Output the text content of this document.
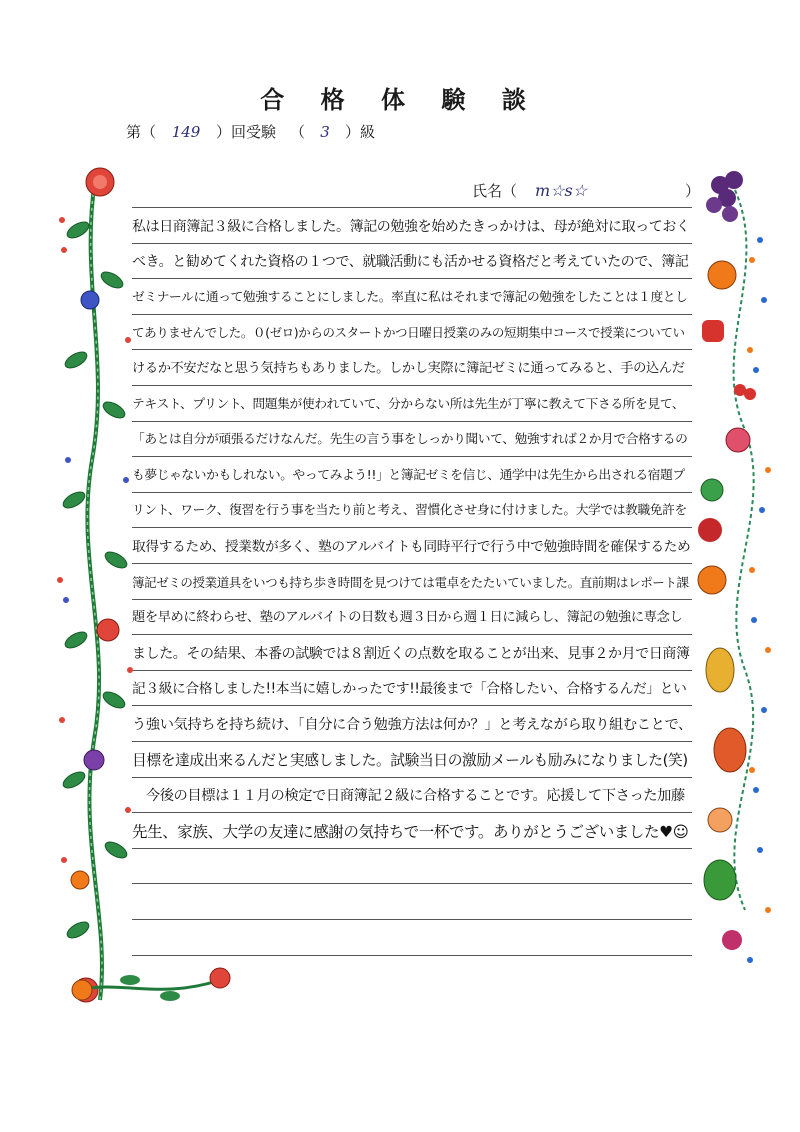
合 格 体 験 談
第（ 149 ）回受験 （ 3 ）級
氏名（ m☆s☆	）
私は日商簿記３級に合格しました。簿記の勉強を始めたきっかけは、母が絶対に取っておく
べき。と勧めてくれた資格の１つで、就職活動にも活かせる資格だと考えていたので、簿記
ゼミナールに通って勉強することにしました。率直に私はそれまで簿記の勉強をしたことは１度とし
てありませんでした。０(ゼロ)からのスタートかつ日曜日授業のみの短期集中コースで授業についてい
けるか不安だなと思う気持ちもありました。しかし実際に簿記ゼミに通ってみると、手の込んだ
テキスト、プリント、問題集が使われていて、分からない所は先生が丁寧に教えて下さる所を見て、
「あとは自分が頑張るだけなんだ。先生の言う事をしっかり聞いて、勉強すれば２か月で合格するの
も夢じゃないかもしれない。やってみよう!!」と簿記ゼミを信じ、通学中は先生から出される宿題プ
リント、ワーク、復習を行う事を当たり前と考え、習慣化させ身に付けました。大学では教職免許を
取得するため、授業数が多く、塾のアルバイトも同時平行で行う中で勉強時間を確保するため
簿記ゼミの授業道具をいつも持ち歩き時間を見つけては電卓をたたいていました。直前期はレポート課
題を早めに終わらせ、塾のアルバイトの日数も週３日から週１日に減らし、簿記の勉強に専念し
ました。その結果、本番の試験では８割近くの点数を取ることが出来、見事２か月で日商簿
記３級に合格しました!!本当に嬉しかったです!!最後まで「合格したい、合格するんだ」とい
う強い気持ちを持ち続け、「自分に合う勉強方法は何か？」と考えながら取り組むことで、
目標を達成出来るんだと実感しました。試験当日の激励メールも励みになりました(笑)
　今後の目標は１１月の検定で日商簿記２級に合格することです。応援して下さった加藤
先生、家族、大学の友達に感謝の気持ちで一杯です。ありがとうございました♥☺
